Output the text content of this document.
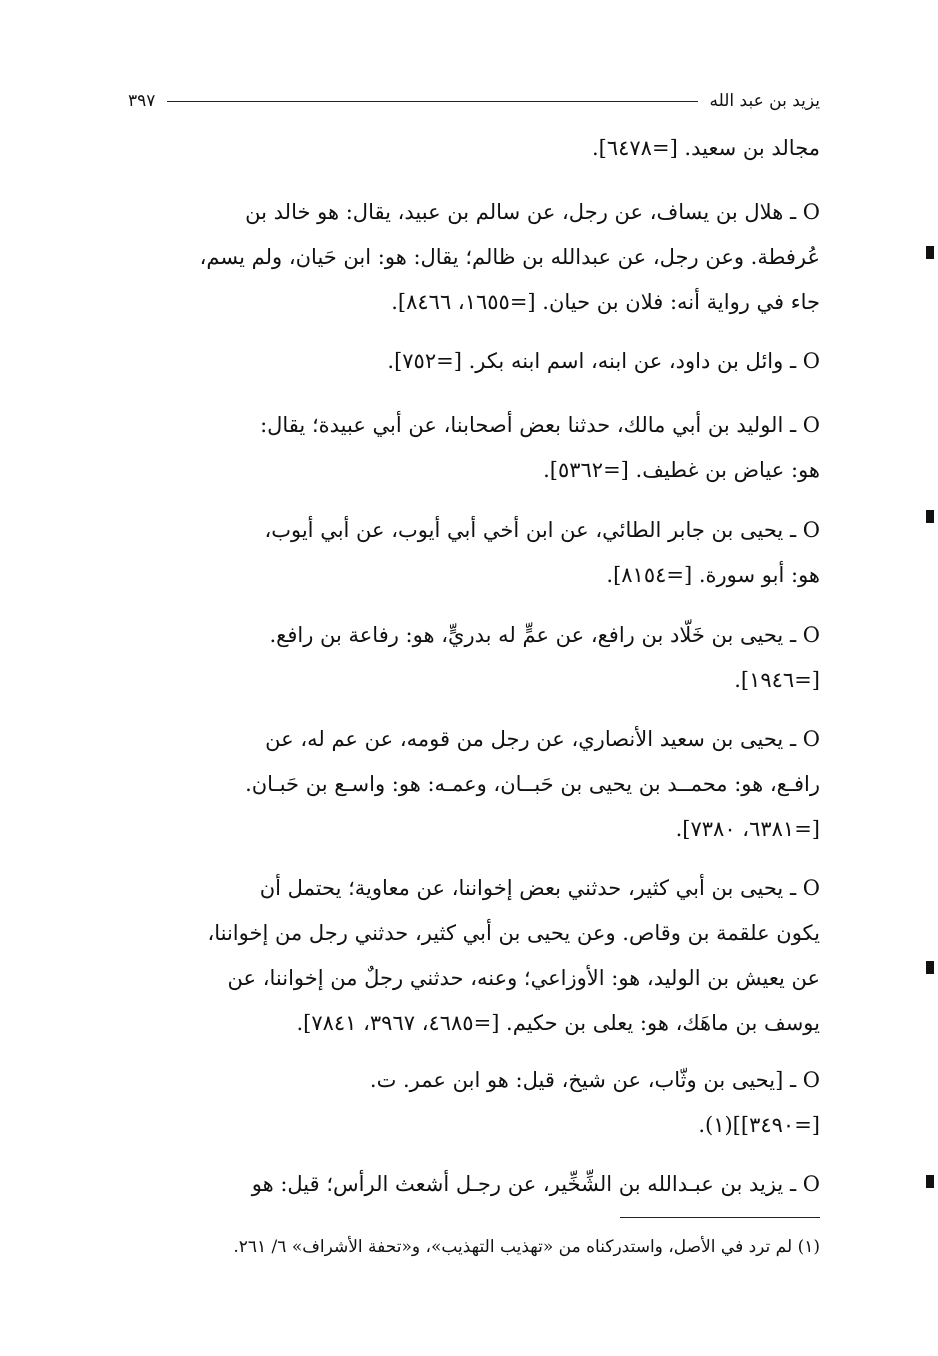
يزيد بن عبد الله
٣٩٧
مجالد بن سعيد. [=٦٤٧٨].
O ـ هلال بن يساف، عن رجل، عن سالم بن عبيد، يقال: هو خالد بن
عُرفطة. وعن رجل، عن عبدالله بن ظالم؛ يقال: هو: ابن حَيان، ولم يسم،
جاء في رواية أنه: فلان بن حيان. [=١٦٥٥، ٨٤٦٦].
O ـ وائل بن داود، عن ابنه، اسم ابنه بكر. [=٧٥٢].
O ـ الوليد بن أبي مالك، حدثنا بعض أصحابنا، عن أبي عبيدة؛ يقال:
هو: عياض بن غطيف. [=٥٣٦٢].
O ـ يحيى بن جابر الطائي، عن ابن أخي أبي أيوب، عن أبي أيوب،
هو: أبو سورة. [=٨١٥٤].
O ـ يحيى بن خَلّاد بن رافع، عن عمٍّ له بدريٍّ، هو: رفاعة بن رافع.
[=١٩٤٦].
O ـ يحيى بن سعيد الأنصاري، عن رجل من قومه، عن عم له، عن
رافـع، هو: محمــد بن يحيى بن حَبــان، وعمـه: هو: واسـع بن حَبـان.
[=٦٣٨١، ٧٣٨٠].
O ـ يحيى بن أبي كثير، حدثني بعض إخواننا، عن معاوية؛ يحتمل أن
يكون علقمة بن وقاص. وعن يحيى بن أبي كثير، حدثني رجل من إخواننا،
عن يعيش بن الوليد، هو: الأوزاعي؛ وعنه، حدثني رجلٌ من إخواننا، عن
يوسف بن ماهَك، هو: يعلى بن حكيم. [=٤٦٨٥، ٣٩٦٧، ٧٨٤١].
O ـ [يحيى بن وثّاب، عن شيخ، قيل: هو ابن عمر. ت.
[=٣٤٩٠]](١).
O ـ يزيد بن عبـدالله بن الشِّخِّير، عن رجـل أشعث الرأس؛ قيل: هو
(١) لم ترد في الأصل، واستدركناه من «تهذيب التهذيب»، و«تحفة الأشراف» ٦/ ٢٦١.
